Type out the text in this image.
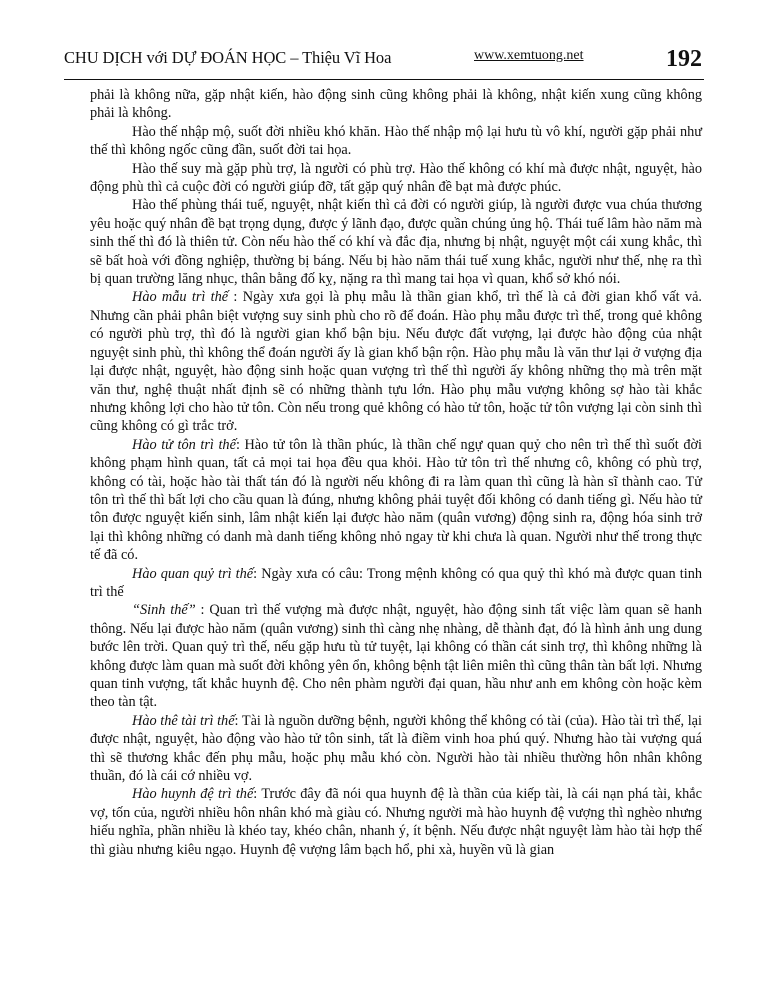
CHU DỊCH với DỰ ĐOÁN HỌC – Thiệu Vĩ Hoa	www.xemtuong.net	192

phải là không nữa, gặp nhật kiến, hào động sinh cũng không phải là không, nhật kiến xung cũng không phải là không.

Hào thế nhập mộ, suốt đời nhiều khó khăn. Hào thế nhập mộ lại hưu tù vô khí, người gặp phải như thế thì không ngốc cũng đần, suốt đời tai họa.

Hào thế suy mà gặp phù trợ, là người có phù trợ. Hào thế không có khí mà được nhật, nguyệt, hào động phù thì cả cuộc đời có người giúp đỡ, tất gặp quý nhân đề bạt mà được phúc.

Hào thế phùng thái tuế, nguyệt, nhật kiến thì cả đời có người giúp, là người được vua chúa thương yêu hoặc quý nhân đề bạt trọng dụng, được ý lãnh đạo, được quần chúng ủng hộ. Thái tuế lâm hào năm mà sinh thế thì đó là thiên tử. Còn nếu hào thế có khí và đắc địa, nhưng bị nhật, nguyệt một cái xung khắc, thì sẽ bất hoà với đồng nghiệp, thường bị báng. Nếu bị hào năm thái tuế xung khắc, người như thế, nhẹ ra thì bị quan trường lăng nhục, thân bằng đố kỵ, nặng ra thì mang tai họa vì quan, khổ sở khó nói.

Hào mẫu trì thế : Ngày xưa gọi là phụ mẫu là thần gian khổ, trì thế là cả đời gian khổ vất vả. Nhưng cần phải phân biệt vượng suy sinh phù cho rõ để đoán. Hào phụ mẫu được trì thế, trong quẻ không có người phù trợ, thì đó là người gian khổ bận bịu. Nếu được đất vượng, lại được hào động của nhật nguyệt sinh phù, thì không thể đoán người ấy là gian khổ bận rộn. Hào phụ mẫu là văn thư lại ở vượng địa lại được nhật, nguyệt, hào động sinh hoặc quan vượng trì thế thì người ấy không những thọ mà trên mặt văn thư, nghệ thuật nhất định sẽ có những thành tựu lớn. Hào phụ mẫu vượng không sợ hào tài khắc nhưng không lợi cho hào tử tôn. Còn nếu trong quẻ không có hào tử tôn, hoặc tử tôn vượng lại còn sinh thì cũng không có gì trắc trở.

Hào tử tôn trì thế: Hào tử tôn là thần phúc, là thần chế ngự quan quỷ cho nên trì thế thì suốt đời không phạm hình quan, tất cả mọi tai họa đều qua khỏi. Hào tử tôn trì thế nhưng cô, không có phù trợ, không có tài, hoặc hào tài thất tán đó là người nếu không đi ra làm quan thì cũng là hàn sĩ thành cao. Tử tôn trì thế thì bất lợi cho cầu quan là đúng, nhưng không phải tuyệt đối không có danh tiếng gì. Nếu hào tử tôn được nguyệt kiến sinh, lâm nhật kiến lại được hào năm (quân vương) động sinh ra, động hóa sinh trở lại thì không những có danh mà danh tiếng không nhỏ ngay từ khi chưa là quan. Người như thế trong thực tế đã có.

Hào quan quỷ trì thế: Ngày xưa có câu: Trong mệnh không có qua quỷ thì khó mà được quan tinh trì thế

“Sinh thế” : Quan trì thế vượng mà được nhật, nguyệt, hào động sinh tất việc làm quan sẽ hanh thông. Nếu lại được hào năm (quân vương) sinh thì càng nhẹ nhàng, dễ thành đạt, đó là hình ảnh ung dung bước lên trời. Quan quỷ trì thế, nếu gặp hưu tù tử tuyệt, lại không có thần cát sinh trợ, thì không những là không được làm quan mà suốt đời không yên ổn, không bệnh tật liên miên thì cũng thân tàn bất lợi. Nhưng quan tinh vượng, tất khắc huynh đệ. Cho nên phàm người đại quan, hầu như anh em không còn hoặc kèm theo tàn tật.

Hào thê tài trì thế: Tài là nguồn dưỡng bệnh, người không thể không có tài (của). Hào tài trì thế, lại được nhật, nguyệt, hào động vào hào tử tôn sinh, tất là điềm vinh hoa phú quý. Nhưng hào tài vượng quá thì sẽ thương khắc đến phụ mẫu, hoặc phụ mẫu khó còn. Người hào tài nhiều thường hôn nhân không thuần, đó là cái cớ nhiều vợ.

Hào huynh đệ trì thế: Trước đây đã nói qua huynh đệ là thần của kiếp tài, là cái nạn phá tài, khắc vợ, tốn của, người nhiều hôn nhân khó mà giàu có. Nhưng người mà hào huynh đệ vượng thì nghèo nhưng hiếu nghĩa, phần nhiều là khéo tay, khéo chân, nhanh ý, ít bệnh. Nếu được nhật nguyệt làm hào tài hợp thế thì giàu nhưng kiêu ngạo. Huynh đệ vượng lâm bạch hổ, phi xà, huyền vũ là gian
